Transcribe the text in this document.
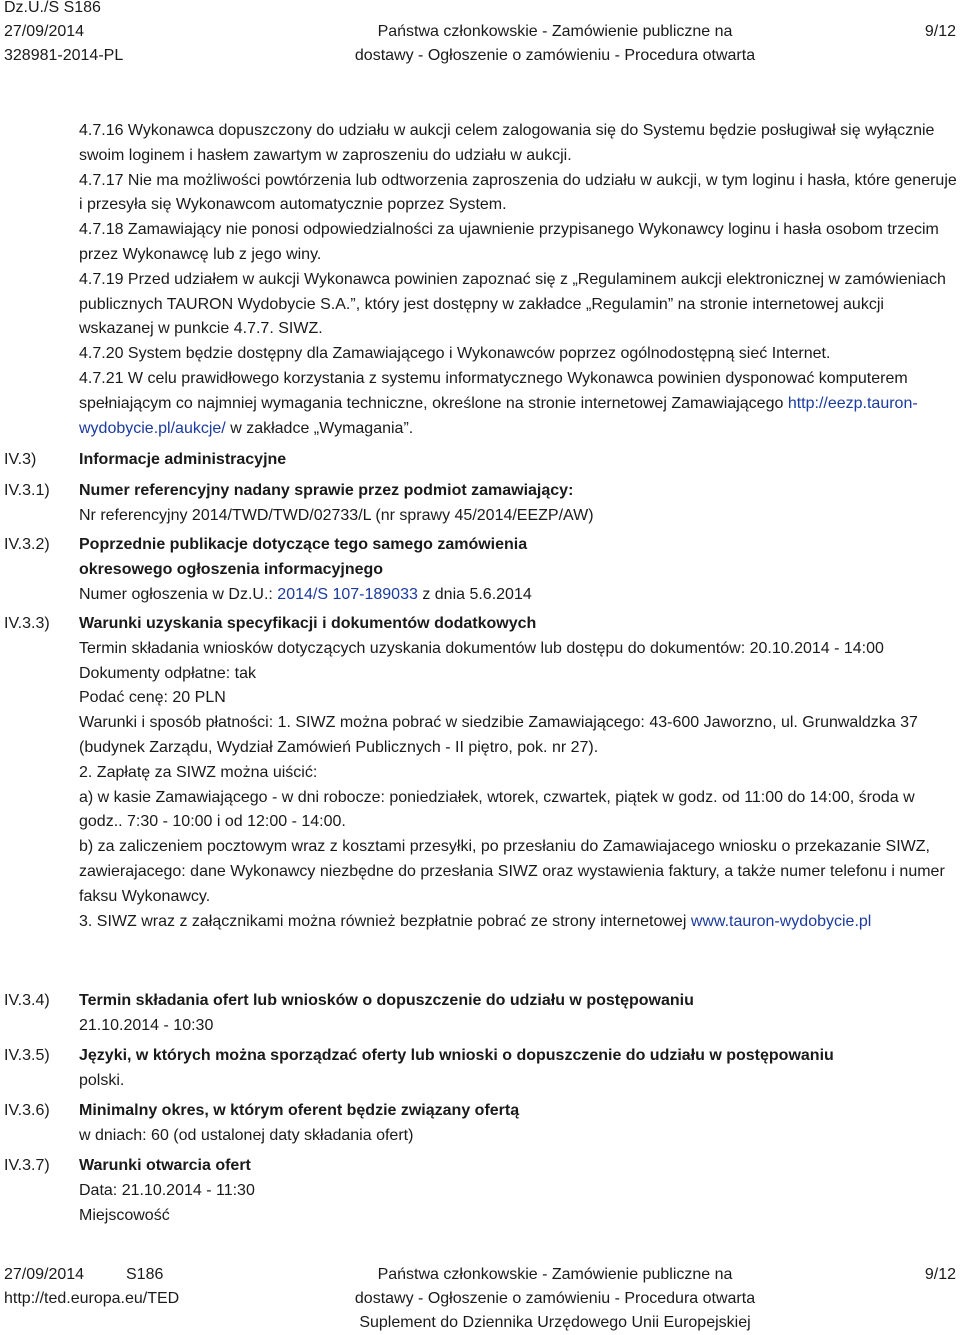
Dz.U./S S186
27/09/2014
328981-2014-PL
Państwa członkowskie - Zamówienie publiczne na
dostawy - Ogłoszenie o zamówieniu - Procedura otwarta
9/12

4.7.16 Wykonawca dopuszczony do udziału w aukcji celem zalogowania się do Systemu będzie posługiwał się wyłącznie swoim loginem i hasłem zawartym w zaproszeniu do udziału w aukcji.

4.7.17 Nie ma możliwości powtórzenia lub odtworzenia zaproszenia do udziału w aukcji, w tym loginu i hasła, które generuje i przesyła się Wykonawcom automatycznie poprzez System.

4.7.18 Zamawiający nie ponosi odpowiedzialności za ujawnienie przypisanego Wykonawcy loginu i hasła osobom trzecim przez Wykonawcę lub z jego winy.

4.7.19 Przed udziałem w aukcji Wykonawca powinien zapoznać się z „Regulaminem aukcji elektronicznej w zamówieniach publicznych TAURON Wydobycie S.A.”, który jest dostępny w zakładce „Regulamin” na stronie internetowej aukcji wskazanej w punkcie 4.7.7. SIWZ.

4.7.20 System będzie dostępny dla Zamawiającego i Wykonawców poprzez ogólnodostępną sieć Internet.

4.7.21 W celu prawidłowego korzystania z systemu informatycznego Wykonawca powinien dysponować komputerem spełniającym co najmniej wymagania techniczne, określone na stronie internetowej Zamawiającego http://eezp.tauron-wydobycie.pl/aukcje/ w zakładce „Wymagania”.

IV.3)	Informacje administracyjne
IV.3.1) Numer referencyjny nadany sprawie przez podmiot zamawiający:

Nr referencyjny 2014/TWD/TWD/02733/L (nr sprawy 45/2014/EEZP/AW)

IV.3.2) Poprzednie publikacje dotyczące tego samego zamówienia

okresowego ogłoszenia informacyjnego

Numer ogłoszenia w Dz.U.: 2014/S 107-189033 z dnia 5.6.2014

IV.3.3) Warunki uzyskania specyfikacji i dokumentów dodatkowych

Termin składania wniosków dotyczących uzyskania dokumentów lub dostępu do dokumentów: 20.10.2014 - 14:00

Dokumenty odpłatne: tak

Podać cenę: 20 PLN

Warunki i sposób płatności: 1. SIWZ można pobrać w siedzibie Zamawiającego: 43-600 Jaworzno, ul. Grunwaldzka 37 (budynek Zarządu, Wydział Zamówień Publicznych - II piętro, pok. nr 27).

2. Zapłatę za SIWZ można uiścić:

a) w kasie Zamawiającego - w dni robocze: poniedziałek, wtorek, czwartek, piątek w godz. od 11:00 do 14:00, środa w godz.. 7:30 - 10:00 i od 12:00 - 14:00.

b) za zaliczeniem pocztowym wraz z kosztami przesyłki, po przesłaniu do Zamawiajacego wniosku o przekazanie SIWZ, zawierajacego: dane Wykonawcy niezbędne do przesłania SIWZ oraz wystawienia faktury, a także numer telefonu i numer faksu Wykonawcy.

3. SIWZ wraz z załącznikami można również bezpłatnie pobrać ze strony internetowej www.tauron-wydobycie.pl

IV.3.4) Termin składania ofert lub wniosków o dopuszczenie do udziału w postępowaniu

21.10.2014 - 10:30

IV.3.5) Języki, w których można sporządzać oferty lub wnioski o dopuszczenie do udziału w postępowaniu

polski.

IV.3.6) Minimalny okres, w którym oferent będzie związany ofertą

w dniach: 60 (od ustalonej daty składania ofert)

IV.3.7) Warunki otwarcia ofert

Data: 21.10.2014 - 11:30

Miejscowość

27/09/2014	S186
http://ted.europa.eu/TED
Państwa członkowskie - Zamówienie publiczne na
dostawy - Ogłoszenie o zamówieniu - Procedura otwarta
Suplement do Dziennika Urzędowego Unii Europejskiej
9/12
